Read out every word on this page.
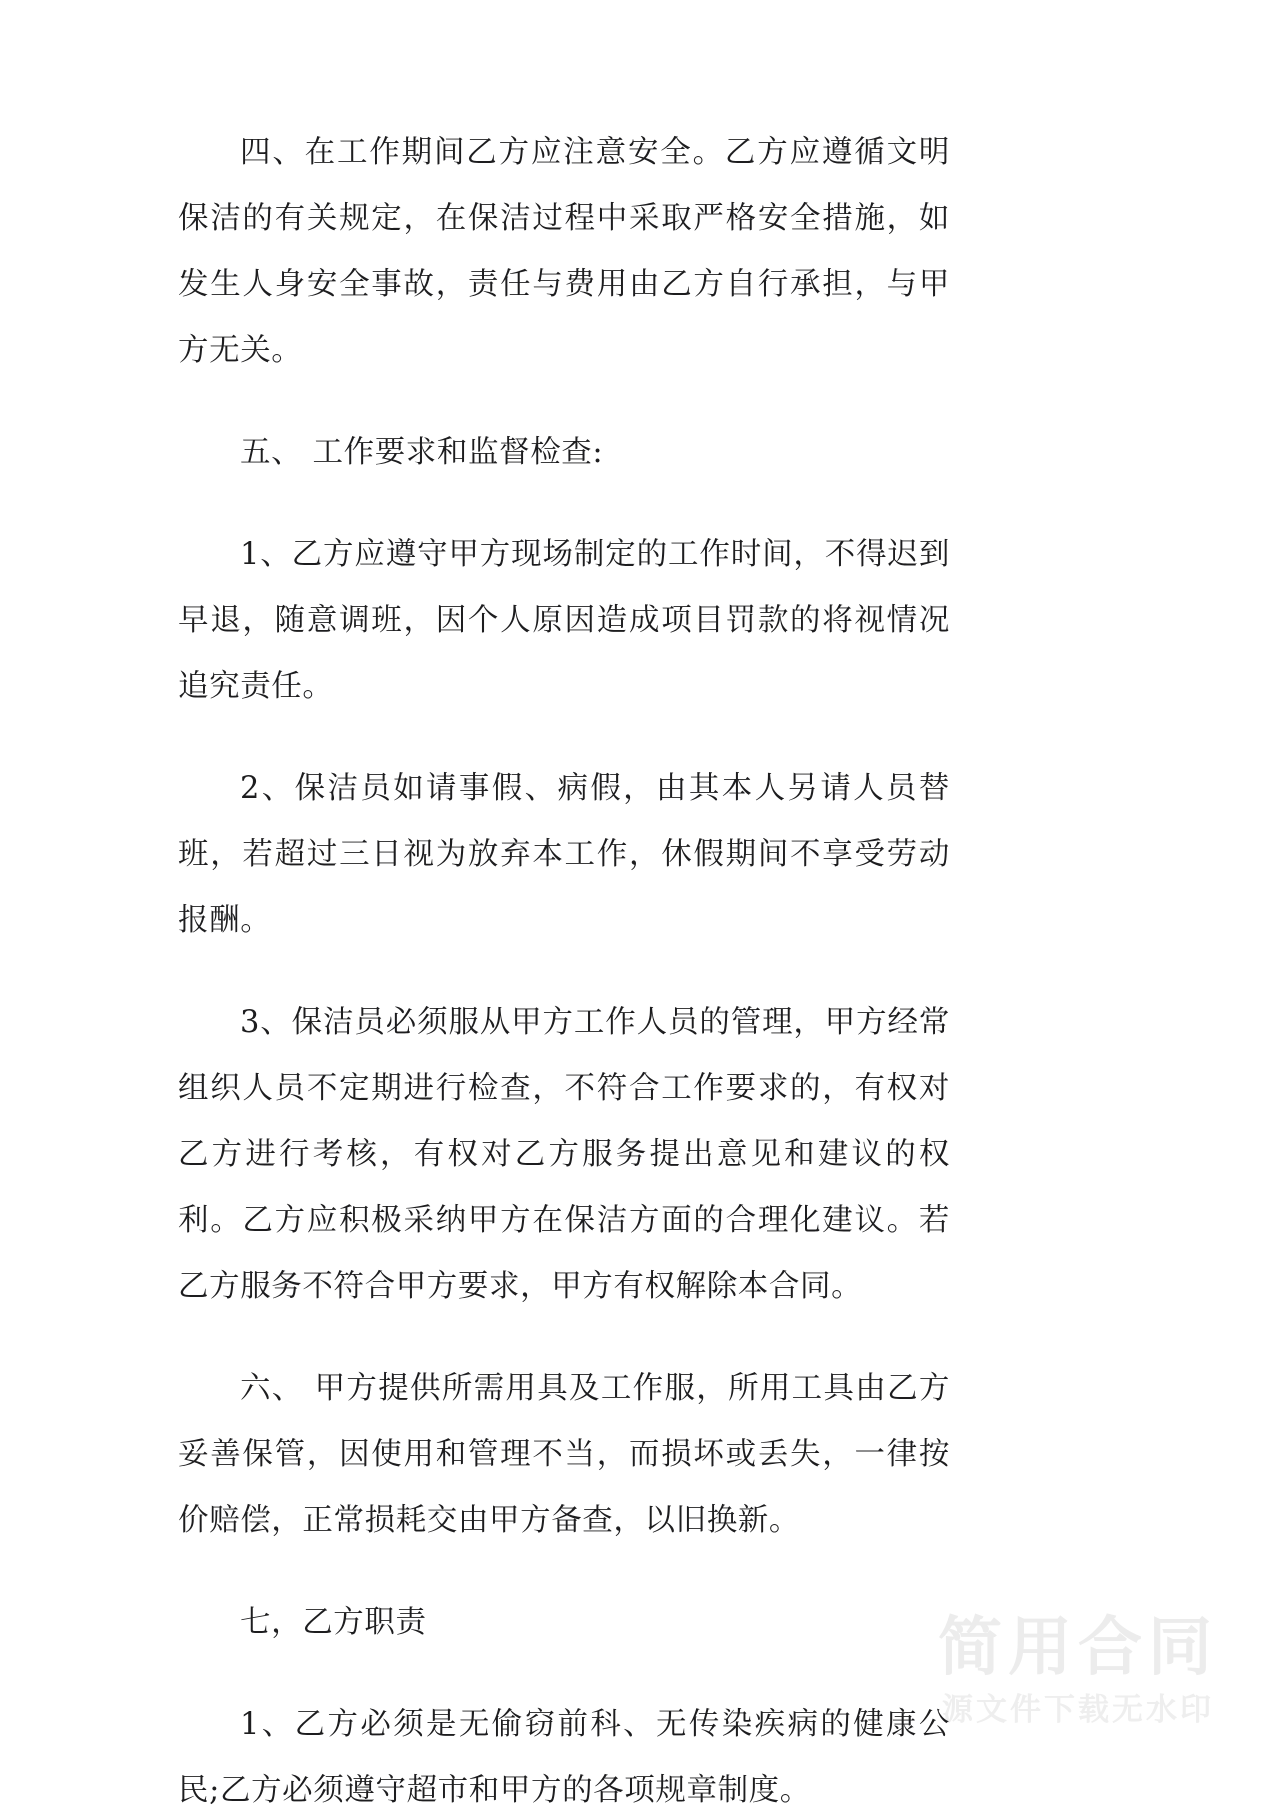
四、在工作期间乙方应注意安全。乙方应遵循文明保洁的有关规定，在保洁过程中采取严格安全措施，如发生人身安全事故，责任与费用由乙方自行承担，与甲方无关。

五、 工作要求和监督检查:

1、乙方应遵守甲方现场制定的工作时间，不得迟到早退，随意调班，因个人原因造成项目罚款的将视情况追究责任。

2、保洁员如请事假、病假，由其本人另请人员替班，若超过三日视为放弃本工作，休假期间不享受劳动报酬。

3、保洁员必须服从甲方工作人员的管理，甲方经常组织人员不定期进行检查，不符合工作要求的，有权对乙方进行考核，有权对乙方服务提出意见和建议的权利。乙方应积极采纳甲方在保洁方面的合理化建议。若乙方服务不符合甲方要求，甲方有权解除本合同。

六、 甲方提供所需用具及工作服，所用工具由乙方妥善保管，因使用和管理不当，而损坏或丢失，一律按价赔偿，正常损耗交由甲方备查，以旧换新。

七，乙方职责

1、乙方必须是无偷窃前科、无传染疾病的健康公民;乙方必须遵守超市和甲方的各项规章制度。

简用合同
源文件下载无水印
